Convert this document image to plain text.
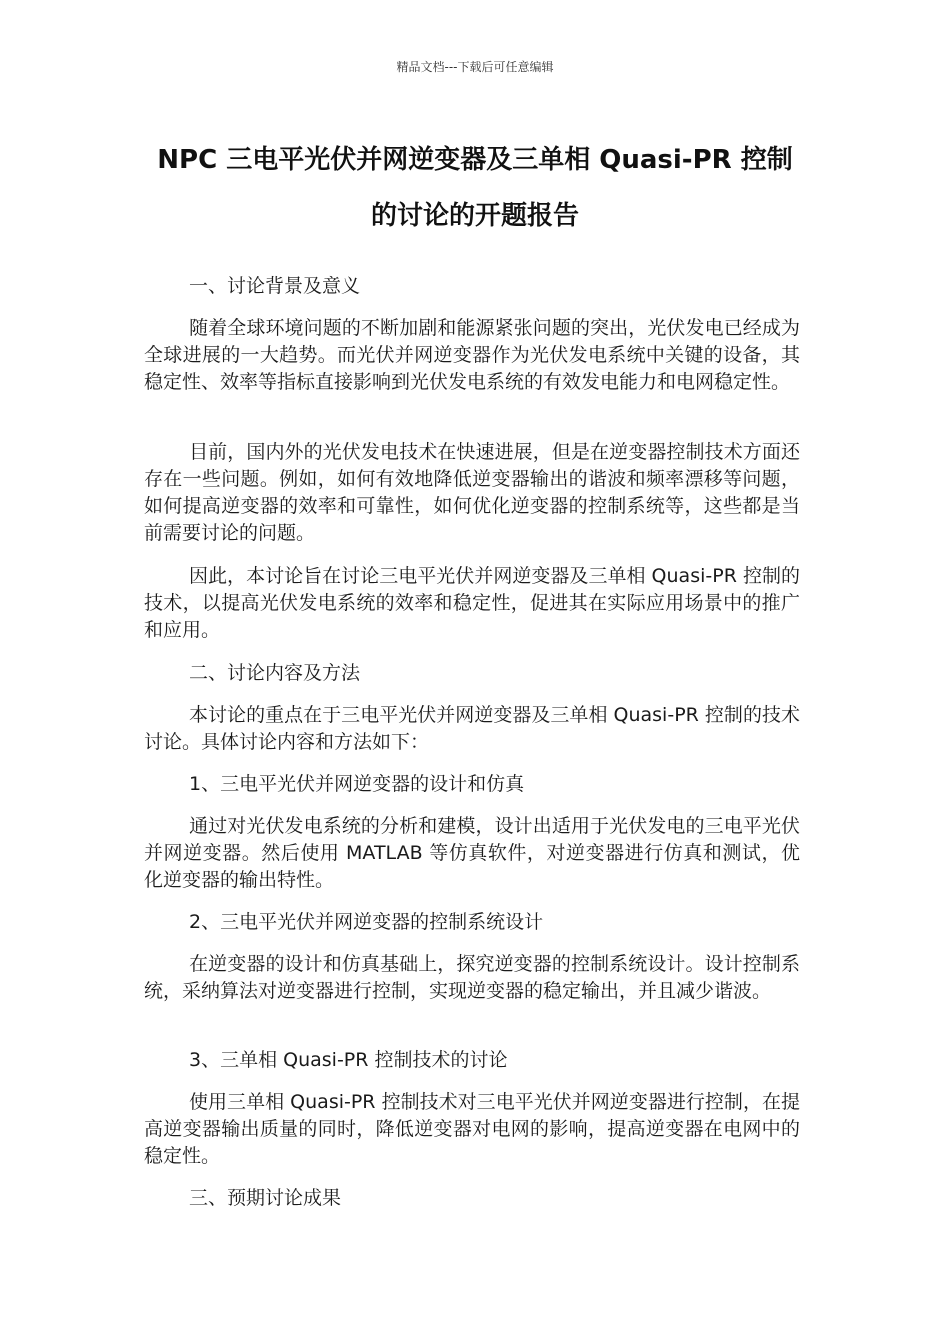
精品文档---下载后可任意编辑
NPC 三电平光伏并网逆变器及三单相 Quasi-PR 控制
的讨论的开题报告
一、讨论背景及意义
随着全球环境问题的不断加剧和能源紧张问题的突出，光伏发电已经成为全球进展的一大趋势。而光伏并网逆变器作为光伏发电系统中关键的设备，其稳定性、效率等指标直接影响到光伏发电系统的有效发电能力和电网稳定性。
目前，国内外的光伏发电技术在快速进展，但是在逆变器控制技术方面还存在一些问题。例如，如何有效地降低逆变器输出的谐波和频率漂移等问题，如何提高逆变器的效率和可靠性，如何优化逆变器的控制系统等，这些都是当前需要讨论的问题。
因此，本讨论旨在讨论三电平光伏并网逆变器及三单相 Quasi-PR 控制的技术，以提高光伏发电系统的效率和稳定性，促进其在实际应用场景中的推广和应用。
二、讨论内容及方法
本讨论的重点在于三电平光伏并网逆变器及三单相 Quasi-PR 控制的技术讨论。具体讨论内容和方法如下：
1、三电平光伏并网逆变器的设计和仿真
通过对光伏发电系统的分析和建模，设计出适用于光伏发电的三电平光伏并网逆变器。然后使用 MATLAB 等仿真软件，对逆变器进行仿真和测试，优化逆变器的输出特性。
2、三电平光伏并网逆变器的控制系统设计
在逆变器的设计和仿真基础上，探究逆变器的控制系统设计。设计控制系统，采纳算法对逆变器进行控制，实现逆变器的稳定输出，并且减少谐波。
3、三单相 Quasi-PR 控制技术的讨论
使用三单相 Quasi-PR 控制技术对三电平光伏并网逆变器进行控制，在提高逆变器输出质量的同时，降低逆变器对电网的影响，提高逆变器在电网中的稳定性。
三、预期讨论成果
